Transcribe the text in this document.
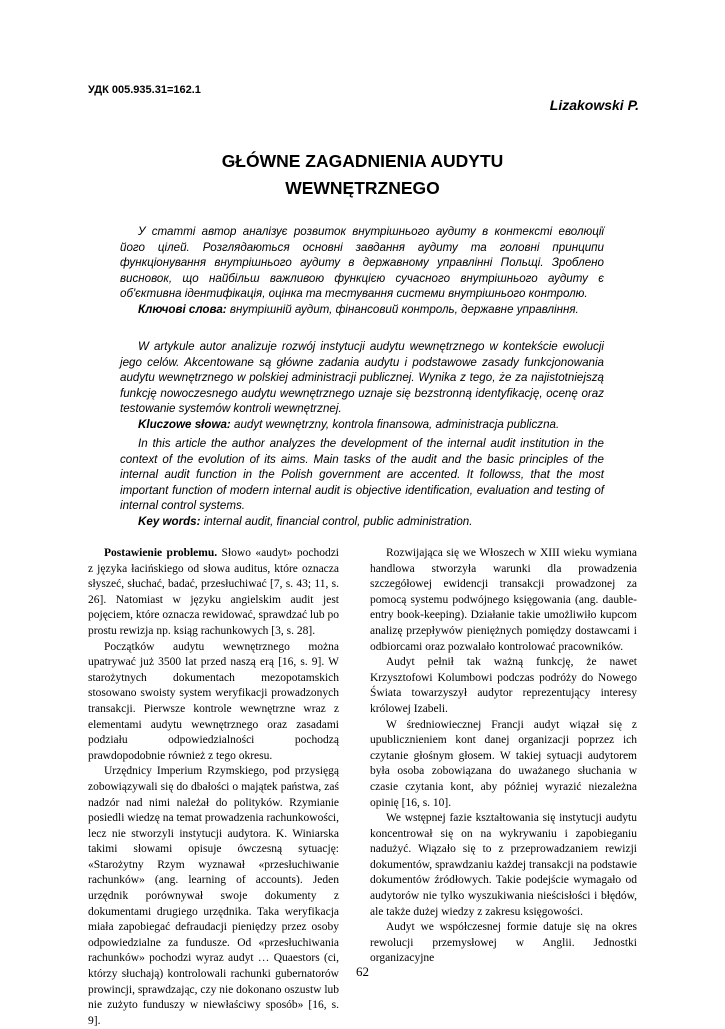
УДК 005.935.31=162.1
Lizakowski P.
GŁÓWNE ZAGADNIENIA AUDYTU
WEWNĘTRZNEGO

У статті автор аналізує розвиток внутрішнього аудиту в контексті еволюції його цілей. Розглядаються основні завдання аудиту та головні принципи функціонування внутрішнього аудиту в державному управлінні Польщі. Зроблено висновок, що найбільш важливою функцією сучасного внутрішнього аудиту є об'єктивна ідентифікація, оцінка та тестування системи внутрішнього контролю.

Ключові слова: внутрішній аудит, фінансовий контроль, державне управління.

W artykule autor analizuje rozwój instytucji audytu wewnętrznego w kontekście ewolucji jego celów. Akcentowane są główne zadania audytu i podstawowe zasady funkcjonowania audytu wewnętrznego w polskiej administracji publicznej. Wynika z tego, że za najistotniejszą funkcję nowoczesnego audytu wewnętrznego uznaje się bezstronną identyfikację, ocenę oraz testowanie systemów kontroli wewnętrznej.

Kluczowe słowa: audyt wewnętrzny, kontrola finansowa, administracja publiczna.

In this article the author analyzes the development of the internal audit institution in the context of the evolution of its aims. Main tasks of the audit and the basic principles of the internal audit function in the Polish government are accented. It followss, that the most important function of modern internal audit is objective identification, evaluation and testing of internal control systems.

Key words: internal audit, financial control, public administration.

Postawienie problemu. Słowo «audyt» pochodzi z języka łacińskiego od słowa auditus, które oznacza słyszeć, słuchać, badać, przesłuchiwać [7, s. 43; 11, s. 26]. Natomiast w języku angielskim audit jest pojęciem, które oznacza rewidować, sprawdzać lub po prostu rewizja np. ksiąg rachunkowych [3, s. 28].

Początków audytu wewnętrznego można upatrywać już 3500 lat przed naszą erą [16, s. 9]. W starożytnych dokumentach mezopotamskich stosowano swoisty system weryfikacji prowadzonych transakcji. Pierwsze kontrole wewnętrzne wraz z elementami audytu wewnętrznego oraz zasadami podziału odpowiedzialności pochodzą prawdopodobnie również z tego okresu.

Urzędnicy Imperium Rzymskiego, pod przysięgą zobowiązywali się do dbałości o majątek państwa, zaś nadzór nad nimi należał do polityków. Rzymianie posiedli wiedzę na temat prowadzenia rachunkowości, lecz nie stworzyli instytucji audytora. K. Winiarska takimi słowami opisuje ówczesną sytuację: «Starożytny Rzym wyznawał «przesłuchiwanie rachunków» (ang. learning of accounts). Jeden urzędnik porównywał swoje dokumenty z dokumentami drugiego urzędnika. Taka weryfikacja miała zapobiegać defraudacji pieniędzy przez osoby odpowiedzialne za fundusze. Od «przesłuchiwania rachunków» pochodzi wyraz audyt … Quaestors (ci, którzy słuchają) kontrolowali rachunki gubernatorów prowincji, sprawdzając, czy nie dokonano oszustw lub nie zużyto funduszy w niewłaściwy sposób» [16, s. 9].

Rozwijająca się we Włoszech w XIII wieku wymiana handlowa stworzyła warunki dla prowadzenia szczegółowej ewidencji transakcji prowadzonej za pomocą systemu podwójnego księgowania (ang. dauble-entry book-keeping). Działanie takie umożliwiło kupcom analizę przepływów pieniężnych pomiędzy dostawcami i odbiorcami oraz pozwalało kontrolować pracowników.

Audyt pełnił tak ważną funkcję, że nawet Krzysztofowi Kolumbowi podczas podróży do Nowego Świata towarzyszył audytor reprezentujący interesy królowej Izabeli.

W średniowiecznej Francji audyt wiązał się z upublicznieniem kont danej organizacji poprzez ich czytanie głośnym głosem. W takiej sytuacji audytorem była osoba zobowiązana do uważanego słuchania w czasie czytania kont, aby później wyrazić niezależna opinię [16, s. 10].

We wstępnej fazie kształtowania się instytucji audytu koncentrował się on na wykrywaniu i zapobieganiu nadużyć. Wiązało się to z przeprowadzaniem rewizji dokumentów, sprawdzaniu każdej transakcji na podstawie dokumentów źródłowych. Takie podejście wymagało od audytorów nie tylko wyszukiwania nieścisłości i błędów, ale także dużej wiedzy z zakresu księgowości.

Audyt we współczesnej formie datuje się na okres rewolucji przemysłowej w Anglii. Jednostki organizacyjne

62
